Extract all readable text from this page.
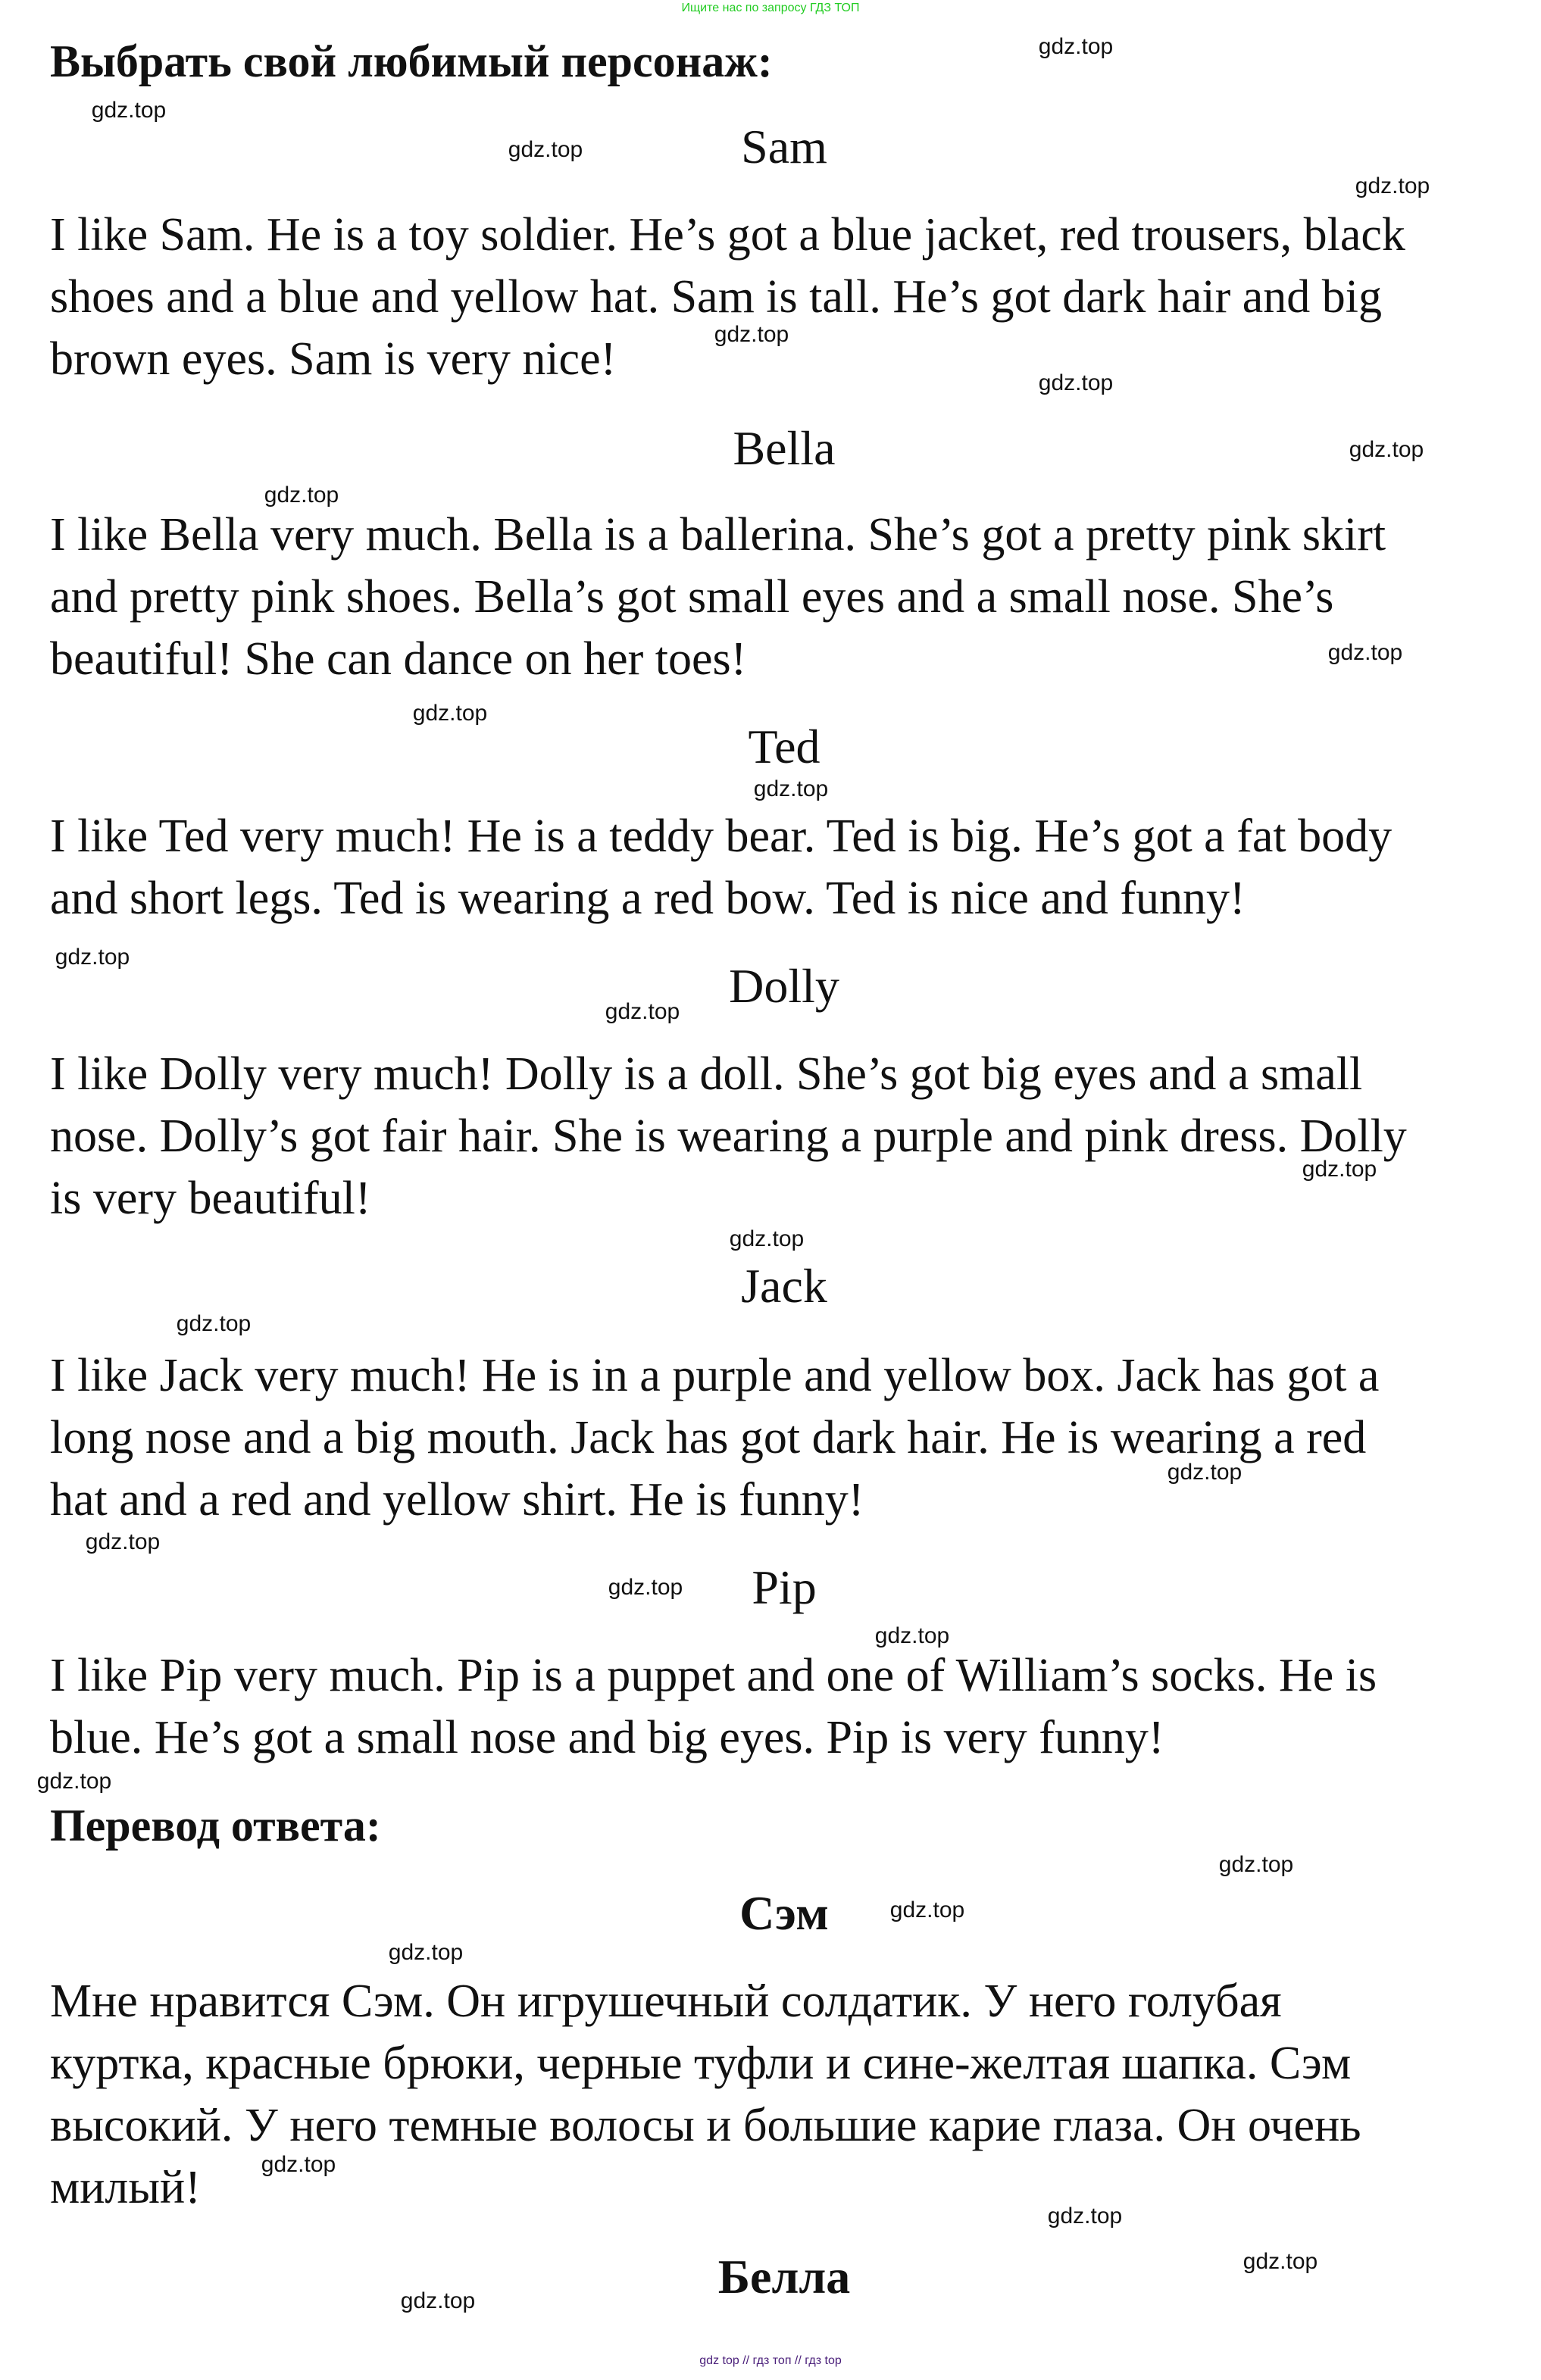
Ищите нас по запросу ГДЗ ТОП
Выбрать свой любимый персонаж:
Sam
I like Sam. He is a toy soldier. He’s got a blue jacket, red trousers, black
shoes and a blue and yellow hat. Sam is tall. He’s got dark hair and big
brown eyes. Sam is very nice!
Bella
I like Bella very much. Bella is a ballerina. She’s got a pretty pink skirt
and pretty pink shoes. Bella’s got small eyes and a small nose. She’s
beautiful! She can dance on her toes!
Ted
I like Ted very much! He is a teddy bear. Ted is big. He’s got a fat body
and short legs. Ted is wearing a red bow. Ted is nice and funny!
Dolly
I like Dolly very much! Dolly is a doll. She’s got big eyes and a small
nose. Dolly’s got fair hair. She is wearing a purple and pink dress. Dolly
is very beautiful!
Jack
I like Jack very much! He is in a purple and yellow box. Jack has got a
long nose and a big mouth. Jack has got dark hair. He is wearing a red
hat and a red and yellow shirt. He is funny!
Pip
I like Pip very much. Pip is a puppet and one of William’s socks. He is
blue. He’s got a small nose and big eyes. Pip is very funny!
Перевод ответа:
Сэм
Мне нравится Сэм. Он игрушечный солдатик. У него голубая
куртка, красные брюки, черные туфли и сине-желтая шапка. Сэм
высокий. У него темные волосы и большие карие глаза. Он очень
милый!
Белла
gdz.top
gdz.top
gdz.top
gdz.top
gdz.top
gdz.top
gdz.top
gdz.top
gdz.top
gdz.top
gdz.top
gdz.top
gdz.top
gdz.top
gdz.top
gdz.top
gdz.top
gdz.top
gdz.top
gdz.top
gdz.top
gdz.top
gdz.top
gdz.top
gdz.top
gdz.top
gdz.top
gdz.top
gdz top // гдз топ // гдз top
